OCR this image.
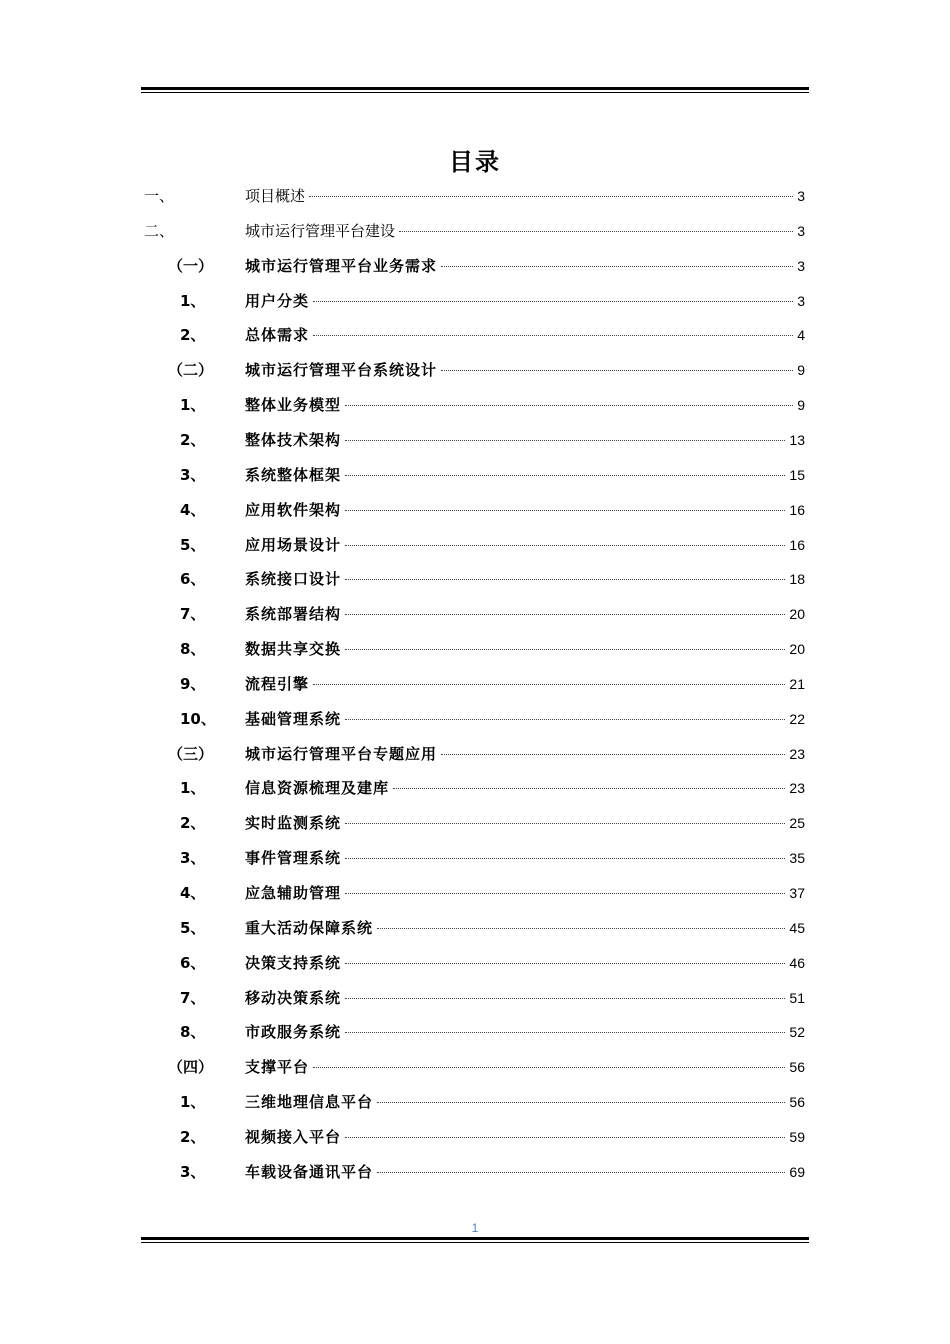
目录
一、	项目概述	3
二、	城市运行管理平台建设	3
（一） 城市运行管理平台业务需求	3
1、	用户分类	3
2、	总体需求	4
（二） 城市运行管理平台系统设计	9
1、	整体业务模型	9
2、	整体技术架构	13
3、	系统整体框架	15
4、	应用软件架构	16
5、	应用场景设计	16
6、	系统接口设计	18
7、	系统部署结构	20
8、	数据共享交换	20
9、	流程引擎	21
10、 基础管理系统	22
（三） 城市运行管理平台专题应用	23
1、	信息资源梳理及建库	23
2、	实时监测系统	25
3、	事件管理系统	35
4、	应急辅助管理	37
5、	重大活动保障系统	45
6、	决策支持系统	46
7、	移动决策系统	51
8、	市政服务系统	52
（四） 支撑平台	56
1、	三维地理信息平台	56
2、	视频接入平台	59
3、	车载设备通讯平台	69
1
